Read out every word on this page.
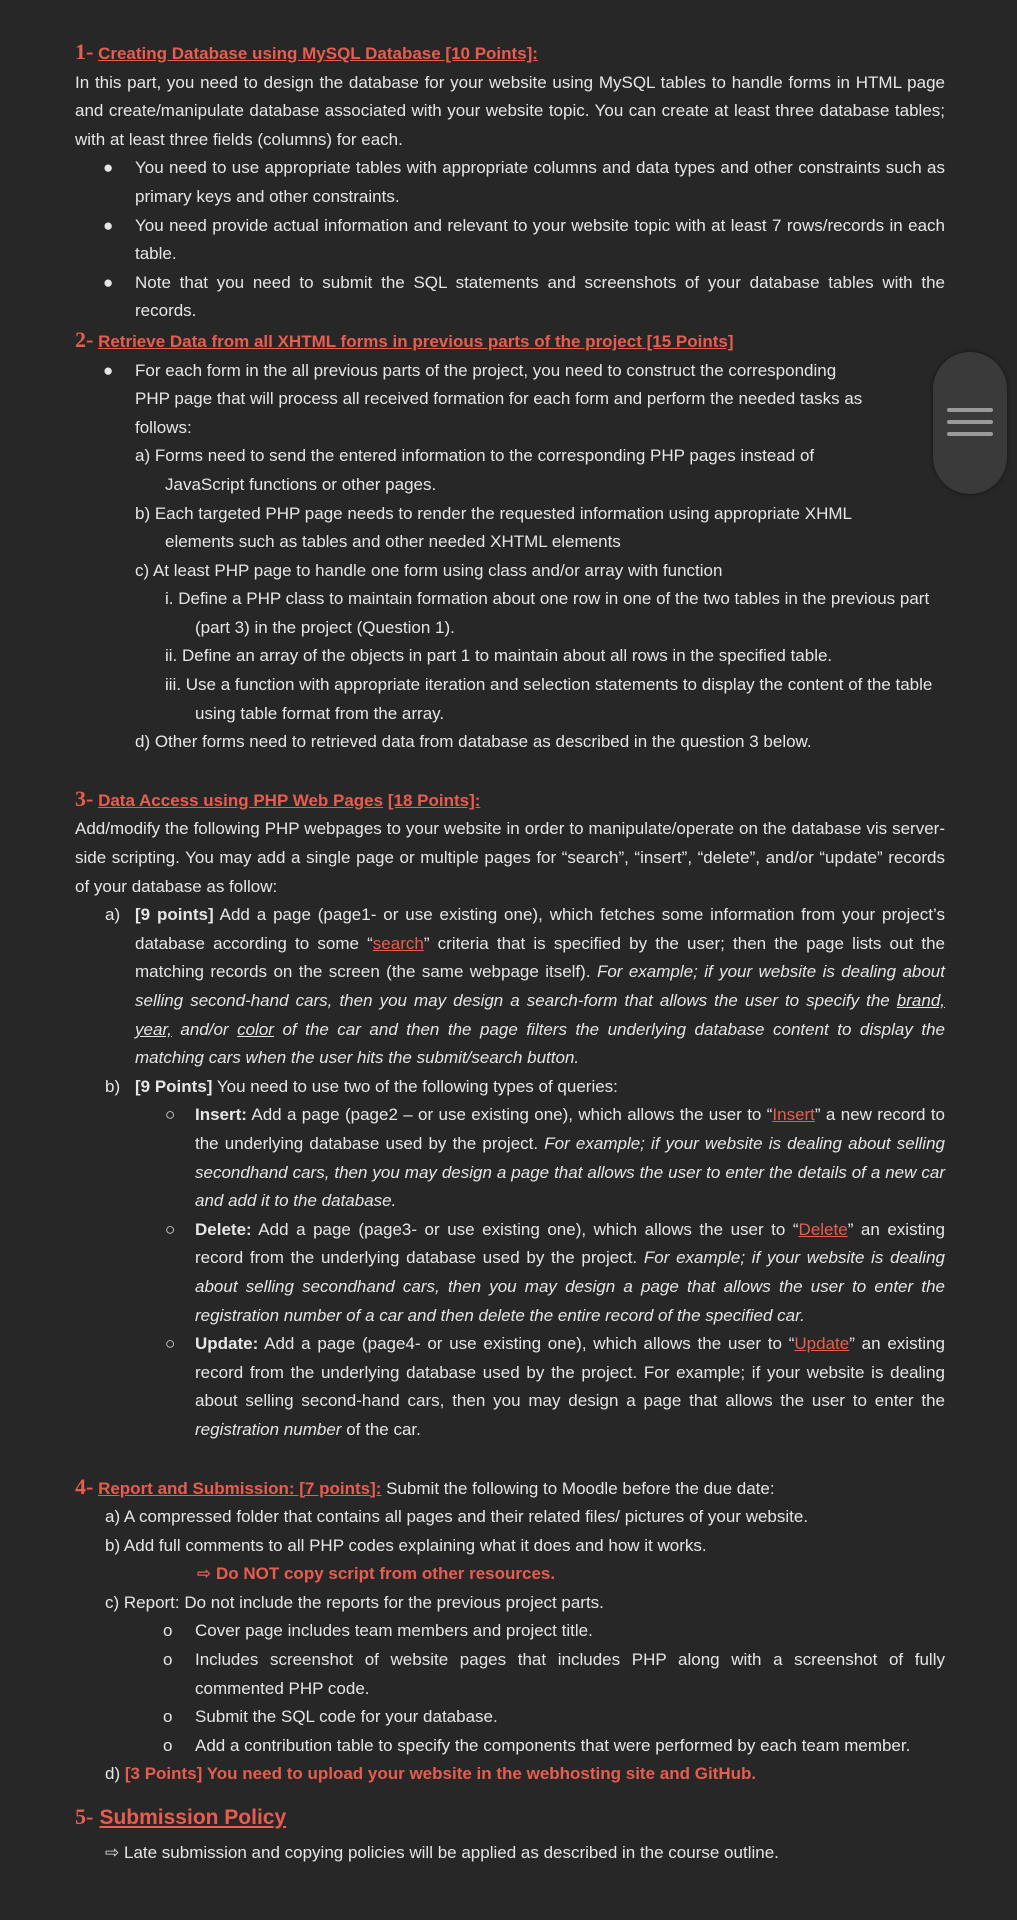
1- Creating Database using MySQL Database [10 Points]:

In this part, you need to design the database for your website using MySQL tables to handle forms in HTML page and create/manipulate database associated with your website topic. You can create at least three database tables; with at least three fields (columns) for each.

● You need to use appropriate tables with appropriate columns and data types and other constraints such as primary keys and other constraints.
● You need provide actual information and relevant to your website topic with at least 7 rows/records in each table.
● Note that you need to submit the SQL statements and screenshots of your database tables with the records.

2- Retrieve Data from all XHTML forms in previous parts of the project [15 Points]

● For each form in the all previous parts of the project, you need to construct the corresponding PHP page that will process all received formation for each form and perform the needed tasks as follows:
a) Forms need to send the entered information to the corresponding PHP pages instead of JavaScript functions or other pages.
b) Each targeted PHP page needs to render the requested information using appropriate XHML elements such as tables and other needed XHTML elements
c) At least PHP page to handle one form using class and/or array with function
i. Define a PHP class to maintain formation about one row in one of the two tables in the previous part (part 3) in the project (Question 1).
ii. Define an array of the objects in part 1 to maintain about all rows in the specified table.
iii. Use a function with appropriate iteration and selection statements to display the content of the table using table format from the array.
d) Other forms need to retrieved data from database as described in the question 3 below.

3- Data Access using PHP Web Pages [18 Points]:

Add/modify the following PHP webpages to your website in order to manipulate/operate on the database vis server-side scripting. You may add a single page or multiple pages for “search”, “insert”, “delete”, and/or “update” records of your database as follow:

a) [9 points] Add a page (page1- or use existing one), which fetches some information from your project’s database according to some “search” criteria that is specified by the user; then the page lists out the matching records on the screen (the same webpage itself). For example; if your website is dealing about selling second-hand cars, then you may design a search-form that allows the user to specify the brand, year, and/or color of the car and then the page filters the underlying database content to display the matching cars when the user hits the submit/search button.
b) [9 Points] You need to use two of the following types of queries:
○ Insert: Add a page (page2 – or use existing one), which allows the user to “Insert” a new record to the underlying database used by the project. For example; if your website is dealing about selling secondhand cars, then you may design a page that allows the user to enter the details of a new car and add it to the database.
○ Delete: Add a page (page3- or use existing one), which allows the user to “Delete” an existing record from the underlying database used by the project. For example; if your website is dealing about selling secondhand cars, then you may design a page that allows the user to enter the registration number of a car and then delete the entire record of the specified car.
○ Update: Add a page (page4- or use existing one), which allows the user to “Update” an existing record from the underlying database used by the project. For example; if your website is dealing about selling second-hand cars, then you may design a page that allows the user to enter the registration number of the car.

4- Report and Submission: [7 points]: Submit the following to Moodle before the due date:

a) A compressed folder that contains all pages and their related files/ pictures of your website.
b) Add full comments to all PHP codes explaining what it does and how it works.
⇨ Do NOT copy script from other resources.
c) Report: Do not include the reports for the previous project parts.
o Cover page includes team members and project title.
o Includes screenshot of website pages that includes PHP along with a screenshot of fully commented PHP code.
o Submit the SQL code for your database.
o Add a contribution table to specify the components that were performed by each team member.
d) [3 Points] You need to upload your website in the webhosting site and GitHub.

5- Submission Policy

⇨ Late submission and copying policies will be applied as described in the course outline.
